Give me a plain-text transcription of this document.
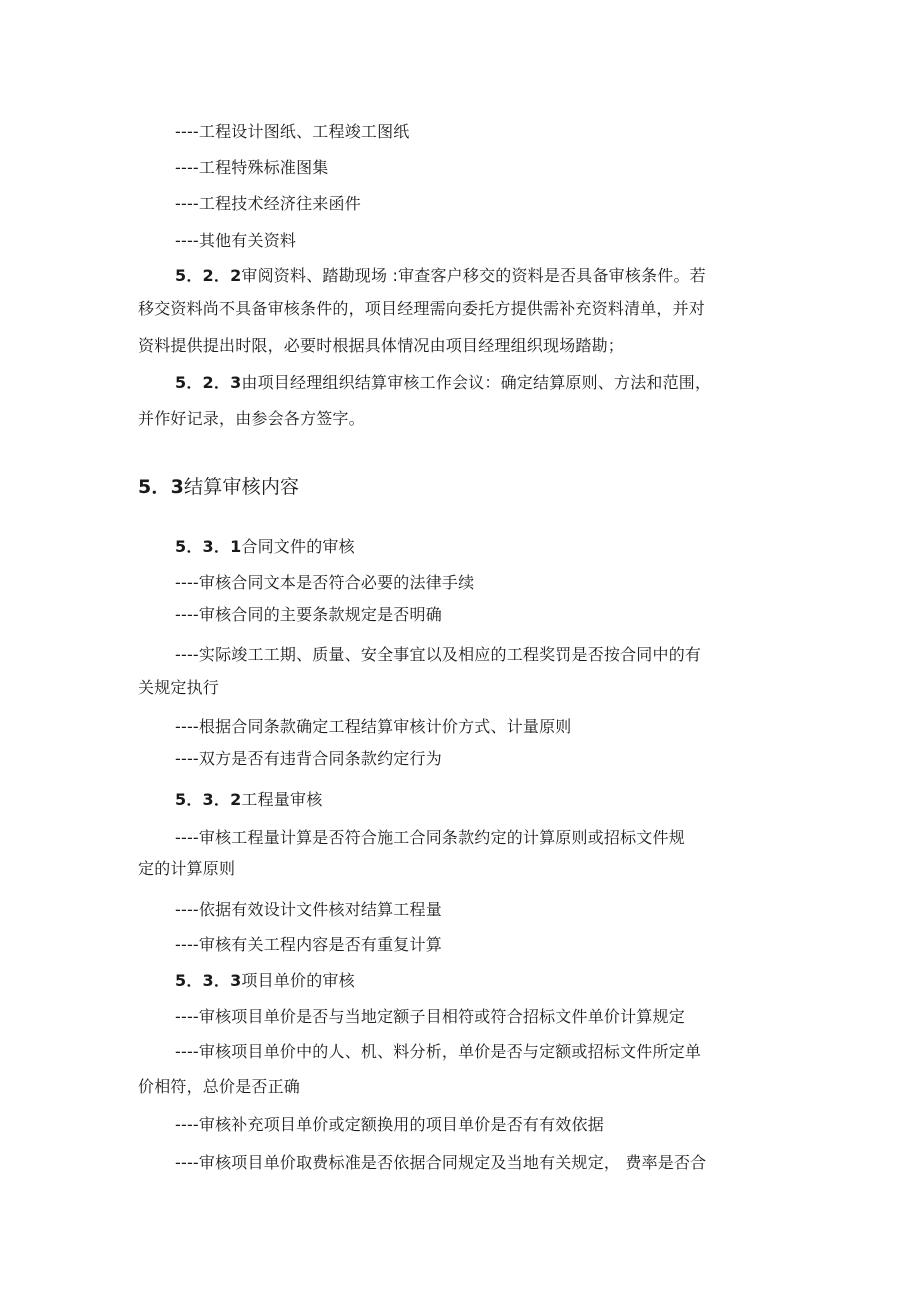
----工程设计图纸、工程竣工图纸
----工程特殊标准图集
----工程技术经济往来函件
----其他有关资料
5．2．2审阅资料、踏勘现场 :审查客户移交的资料是否具备审核条件。若
移交资料尚不具备审核条件的，项目经理需向委托方提供需补充资料清单，并对
资料提供提出时限，必要时根据具体情况由项目经理组织现场踏勘；
5．2．3由项目经理组织结算审核工作会议：确定结算原则、方法和范围，
并作好记录，由参会各方签字。
5．3结算审核内容
5．3．1合同文件的审核
----审核合同文本是否符合必要的法律手续
----审核合同的主要条款规定是否明确
----实际竣工工期、质量、安全事宜以及相应的工程奖罚是否按合同中的有
关规定执行
----根据合同条款确定工程结算审核计价方式、计量原则
----双方是否有违背合同条款约定行为
5．3．2工程量审核
----审核工程量计算是否符合施工合同条款约定的计算原则或招标文件规
定的计算原则
----依据有效设计文件核对结算工程量
----审核有关工程内容是否有重复计算
5．3．3项目单价的审核
----审核项目单价是否与当地定额子目相符或符合招标文件单价计算规定
----审核项目单价中的人、机、料分析，单价是否与定额或招标文件所定单
价相符，总价是否正确
----审核补充项目单价或定额换用的项目单价是否有有效依据
----审核项目单价取费标准是否依据合同规定及当地有关规定， 费率是否合
